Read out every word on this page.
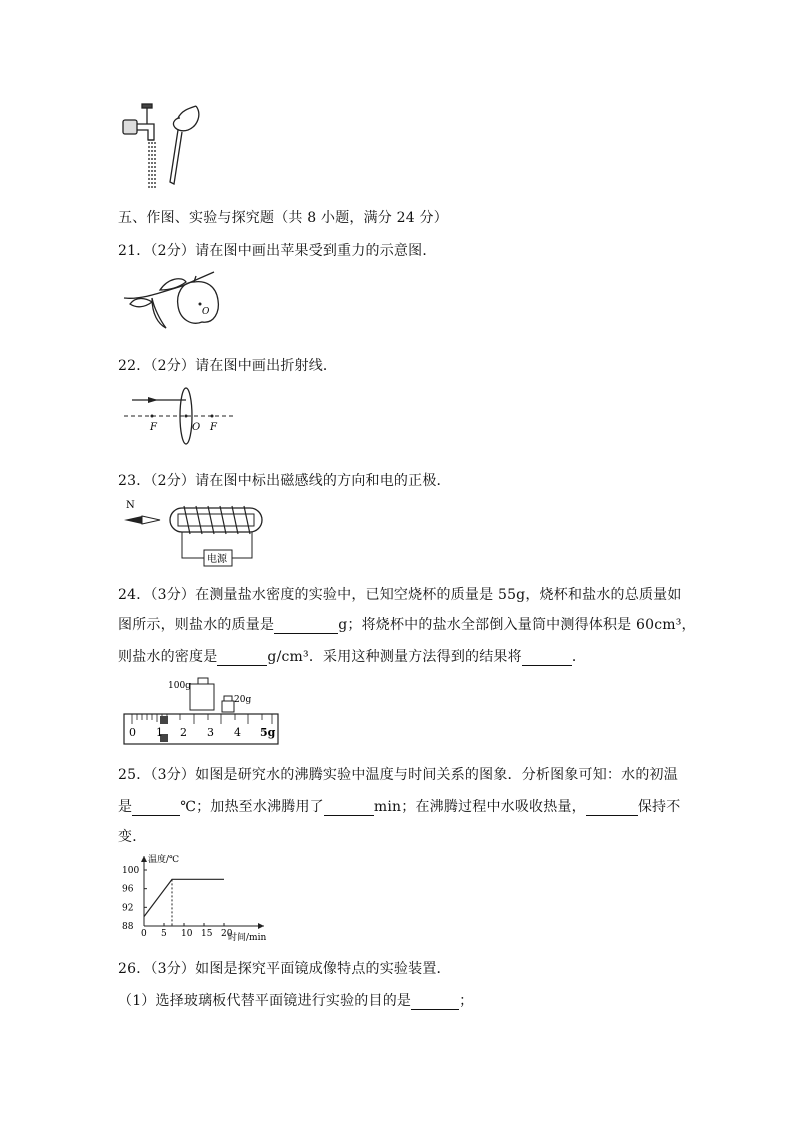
五、作图、实验与探究题（共 8 小题，满分 24 分）
21．（2分）请在图中画出苹果受到重力的示意图．
O
22．（2分）请在图中画出折射线．
F	O F
23．（2分）请在图中标出磁感线的方向和电的正极．
N
电源
24．（3分）在测量盐水密度的实验中，已知空烧杯的质量是 55g，烧杯和盐水的总质量如
图所示，则盐水的质量是	g；将烧杯中的盐水全部倒入量筒中测得体积是 60cm³，
则盐水的密度是	g/cm³．采用这种测量方法得到的结果将	．
100g
20g
0 1 2 3 4 5g
25．（3分）如图是研究水的沸腾实验中温度与时间关系的图象．分析图象可知：水的初温
是	℃；加热至水沸腾用了	min；在沸腾过程中水吸收热量，	保持不
变．
88
92
96
100
0 5 10 15 20
温度/℃
时间/min
26．（3分）如图是探究平面镜成像特点的实验装置．
（1）选择玻璃板代替平面镜进行实验的目的是	；
